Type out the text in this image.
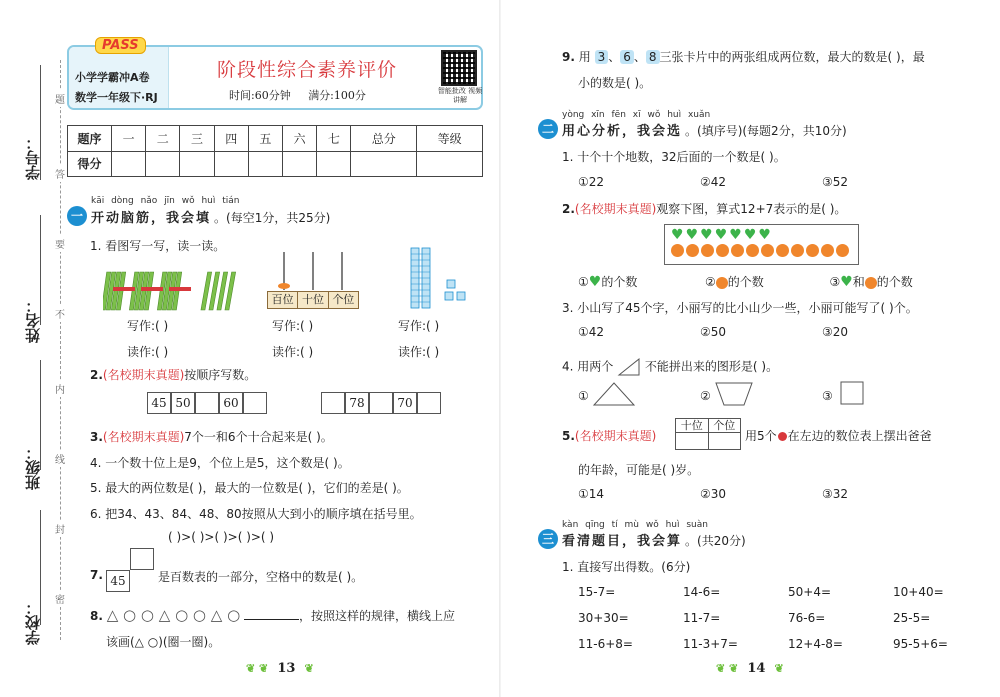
学号：
姓名：
班级：
学校：
题
答
要
不
内
线
封
密
PASS
小学学霸冲A卷
数学一年级下·RJ
阶段性综合素养评价
时间:60分钟 满分:100分	智能批改 视频讲解
题序	一	二	三	四	五	六	七	总分	等级
得分									
kāi dòng nǎo jīn wǒ huì tián
一 开动脑筋，我会填 。(每空1分，共25分)
1. 看图写一写，读一读。
百位 十位 个位
写作:( )	写作:( )	写作:( )
读作:( )	读作:( )	读作:( )
2.(名校期末真题)按顺序写数。
45 50	60	78	70
3.(名校期末真题)7个一和6个十合起来是( )。
4. 一个数十位上是9，个位上是5，这个数是( )。
5. 最大的两位数是( )，最大的一位数是( )，它们的差是( )。
6. 把34、43、84、48、80按照从大到小的顺序填在括号里。
( )>( )>( )>( )>( )
7. 45	是百数表的一部分，空格中的数是( )。
8. △ ○ ○ △ ○ ○ △ ○	，按照这样的规律，横线上应
该画(△ ○)(圈一圈)。
❦ ❦ 13 ❦
9. 用 3 、 6 、 8 三张卡片中的两张组成两位数，最大的数是( )，最
小的数是( )。
yòng xīn fēn xī wǒ huì xuǎn
二 用心分析，我会选 。(填序号)(每题2分，共10分)
1. 十个十个地数，32后面的一个数是( )。
①22	②42	③52
2.(名校期末真题)观察下图，算式12+7表示的是( )。
♥ ♥ ♥ ♥ ♥ ♥ ♥
①♥的个数	② 的个数	③♥和 的个数
3. 小山写了45个字，小丽写的比小山少一些，小丽可能写了( )个。
①42	②50	③20
4. 用两个	不能拼出来的图形是( )。
①	②	③
5.(名校期末真题)
十位 个位
用5个 在左边的数位表上摆出爸爸
的年龄，可能是( )岁。
①14	②30	③32
kàn qīng tí mù wǒ huì suàn
三 看清题目，我会算 。(共20分)
1. 直接写出得数。(6分)
15-7=	14-6=	50+4=	10+40=
30+30=	11-7=	76-6=	25-5=
11-6+8=	11-3+7=	12+4-8=	95-5+6=
❦ ❦ 14 ❦
